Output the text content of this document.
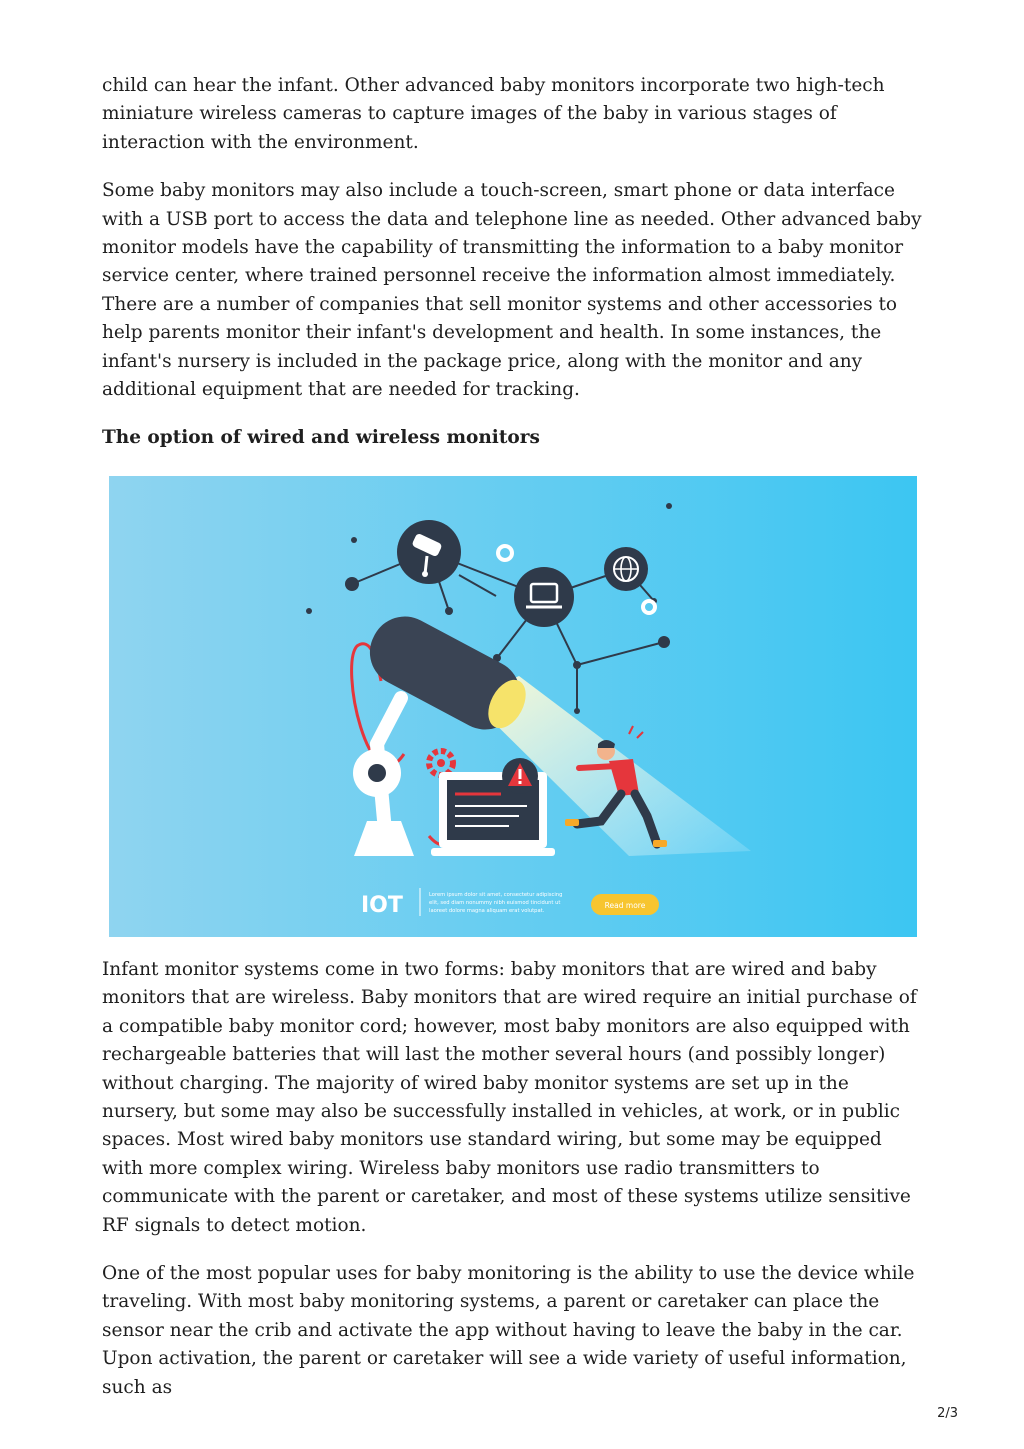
child can hear the infant. Other advanced baby monitors incorporate two high-tech miniature wireless cameras to capture images of the baby in various stages of interaction with the environment.

Some baby monitors may also include a touch-screen, smart phone or data interface with a USB port to access the data and telephone line as needed. Other advanced baby monitor models have the capability of transmitting the information to a baby monitor service center, where trained personnel receive the information almost immediately. There are a number of companies that sell monitor systems and other accessories to help parents monitor their infant's development and health. In some instances, the infant's nursery is included in the package price, along with the monitor and any additional equipment that are needed for tracking.

The option of wired and wireless monitors
IOT	Lorem ipsum dolor sit amet, consectetur adipiscing
elit, sed diam nonummy nibh euismod tincidunt ut
laoreet dolore magna aliquam erat volutpat.
Read more

Infant monitor systems come in two forms: baby monitors that are wired and baby monitors that are wireless. Baby monitors that are wired require an initial purchase of a compatible baby monitor cord; however, most baby monitors are also equipped with rechargeable batteries that will last the mother several hours (and possibly longer) without charging. The majority of wired baby monitor systems are set up in the nursery, but some may also be successfully installed in vehicles, at work, or in public spaces. Most wired baby monitors use standard wiring, but some may be equipped with more complex wiring. Wireless baby monitors use radio transmitters to communicate with the parent or caretaker, and most of these systems utilize sensitive RF signals to detect motion.

One of the most popular uses for baby monitoring is the ability to use the device while traveling. With most baby monitoring systems, a parent or caretaker can place the sensor near the crib and activate the app without having to leave the baby in the car. Upon activation, the parent or caretaker will see a wide variety of useful information, such as

2/3
